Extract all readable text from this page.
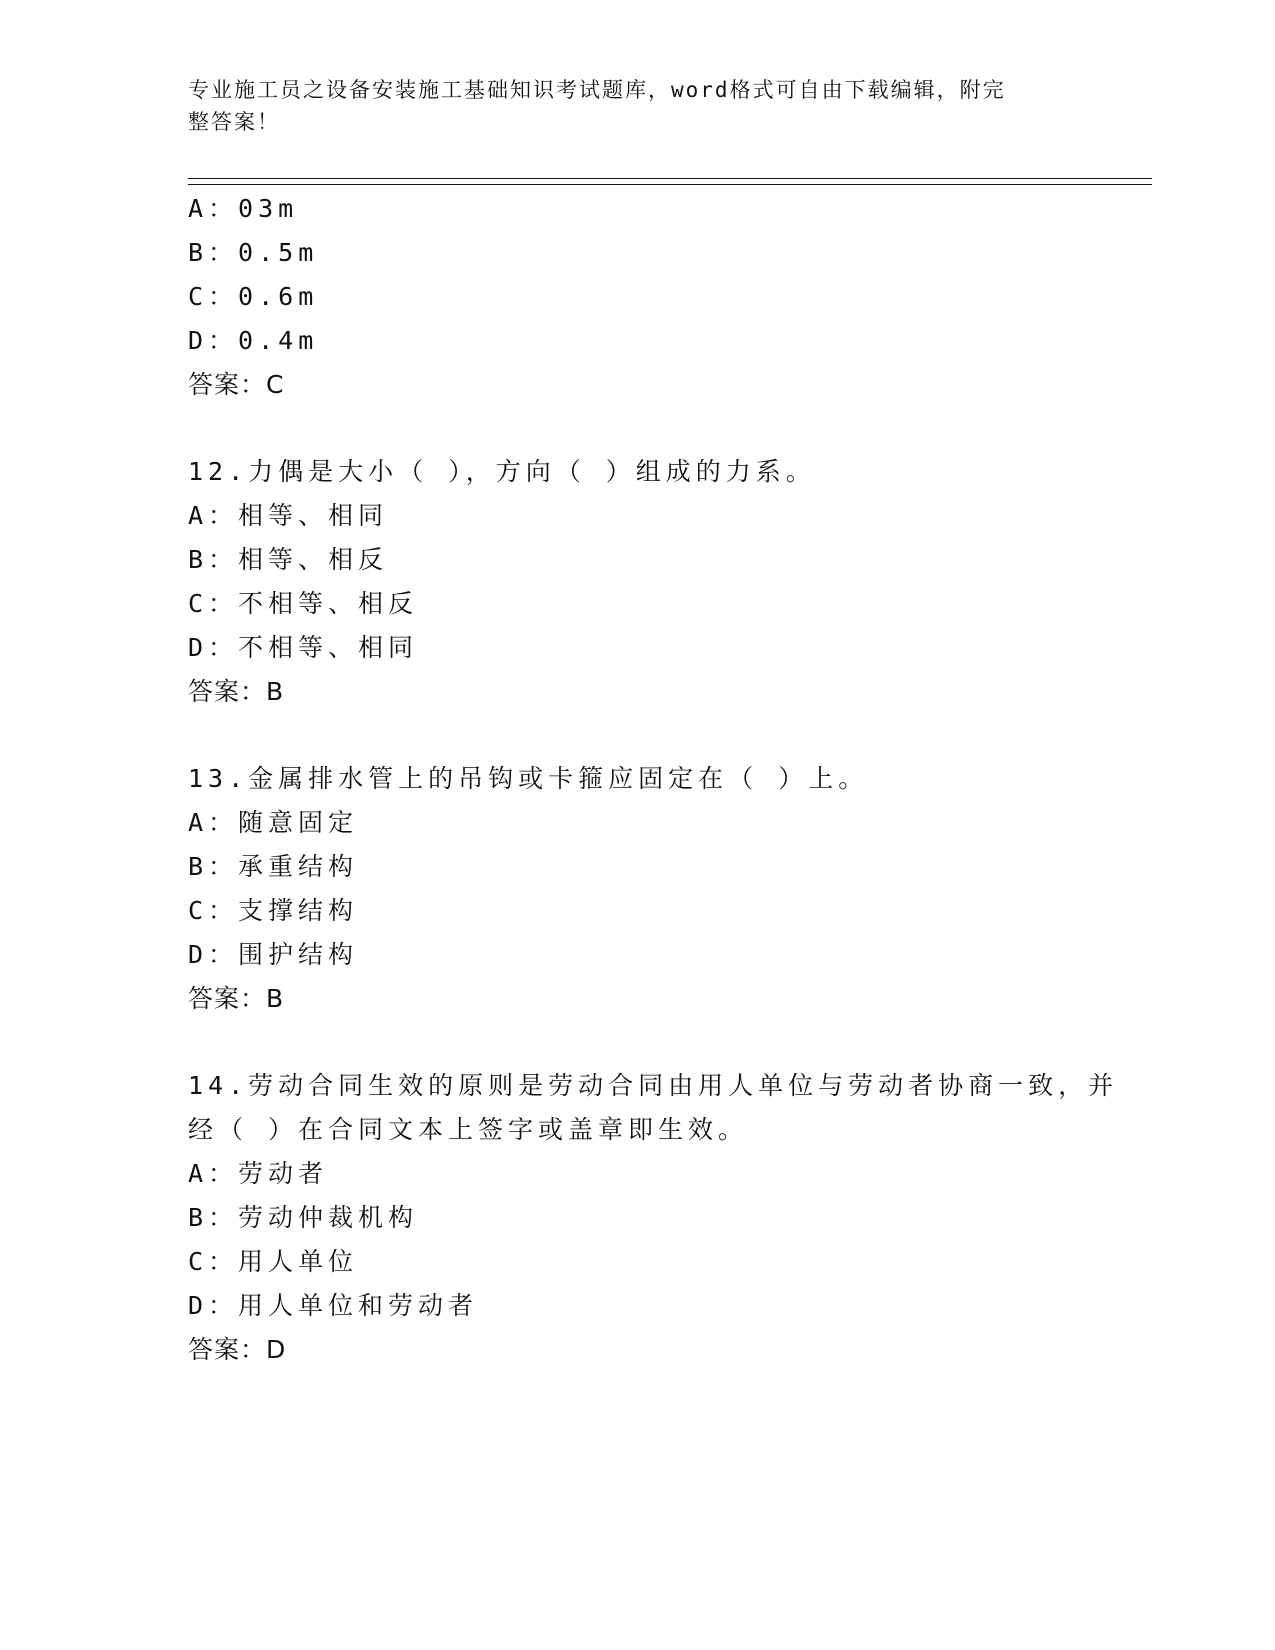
专业施工员之设备安装施工基础知识考试题库，word格式可自由下载编辑，附完
整答案！
A：03m
B：0.5m
C：0.6m
D：0.4m
答案：C
12.力偶是大小（ ），方向（ ）组成的力系。
A：相等、相同
B：相等、相反
C：不相等、相反
D：不相等、相同
答案：B
13.金属排水管上的吊钩或卡箍应固定在（ ）上。
A：随意固定
B：承重结构
C：支撑结构
D：围护结构
答案：B
14.劳动合同生效的原则是劳动合同由用人单位与劳动者协商一致，并
经（ ）在合同文本上签字或盖章即生效。
A：劳动者
B：劳动仲裁机构
C：用人单位
D：用人单位和劳动者
答案：D
